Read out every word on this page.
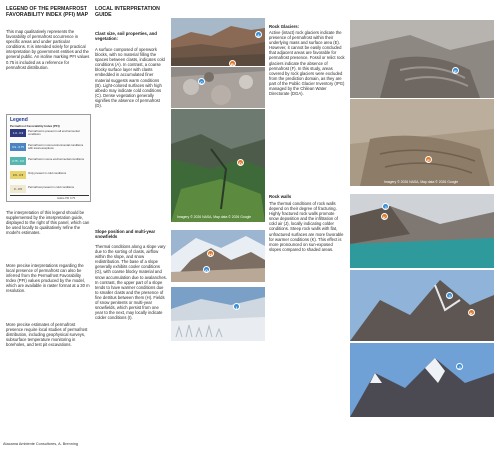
LEGEND OF THE PERMAFROST FAVORABILITY INDEX (PFI) MAP
This map qualitatively represents the favorability of permafrost occurrence in specific areas and under particular conditions. It is intended solely for practical interpretation by government entities and the general public. An isoline marking PFI values 0.75 is included as a reference for permafrost distribution.
Legend
Permafrost Favorability Index (PFI)
1.0 - 0.9
Permafrost is present in all environmental conditions
0.9 - 0.75
Permafrost in most environmental conditions with local exceptions
0.75 - 0.6
Permafrost in some environmental conditions
0.6 - 0.5
Only present in cold conditions
0 - 0.5
Permafrost present in cold conditions
Isoline PFI 0.75
The interpretation of this legend should be supplemented by the interpretation guide, displayed to the right of this panel, which can be used locally to qualitatively refine the model's estimates.
More precise interpretations regarding the local presence of permafrost can also be inferred from the Permafrost Favorability Index (PFI) values produced by the model, which are available in raster format at a 30 m resolution.
More precise estimates of permafrost presence require local studies of permafrost distribution, including geophysical surveys, subsurface temperature monitoring in boreholes, and test pit excavations.
Atacama Ambiente Consultores, A. Brenning
LOCAL INTERPRETATION GUIDE
Clast size, soil properties, and vegetation:
A surface composed of openwork blocks, with no material filling the spaces between clasts, indicates cold conditions (A). In contrast, a coarse blocky surface layer with clasts embedded in accumulated finer material suggests warm conditions (B). Light-colored surfaces with high albedo may indicate cold conditions (C). Dense vegetation generally signifies the absence of permafrost (D).
Slope position and multi-year snowfields
Thermal conditions along a slope vary due to the sorting of clasts, airflow within the slope, and snow redistribution. The base of a slope generally exhibits cooler conditions (G), with coarse blocky material and snow accumulation due to avalanches. In contrast, the upper part of a slope tends to have warmer conditions due to smaller clasts and the presence of fine detritus between them (H). Fields of snow penitents or multi-year snowfields, which persist from one year to the next, may locally indicate colder conditions (I).
A
B
C
D
Imagery © 2026 NASA, Map data © 2026 Google
H
G
I
Rock Glaciers:
Active (intact) rock glaciers indicate the presence of permafrost within their underlying mass and surface area (E). However, it cannot be easily concluded that adjacent areas are favorable for permafrost presence. Fossil or relict rock glaciers indicate the absence of permafrost (F). In this study, areas covered by rock glaciers were excluded from the prediction domain, as they are part of the Public Glacier Inventory (IPG) managed by the Chilean Water Directorate (DGA).
Rock walls
The thermal conditions of rock walls depend on their degree of fracturing. Highly fractured rock walls promote snow deposition and the infiltration of cold air (J), locally indicating colder conditions. Steep rock walls with flat, unfractured surfaces are more favorable for warmer conditions (K). This effect is more pronounced on sun-exposed slopes compared to shaded areas.
E
F
Imagery © 2026 NASA, Map data © 2026 Google
J
K
J
K
J
